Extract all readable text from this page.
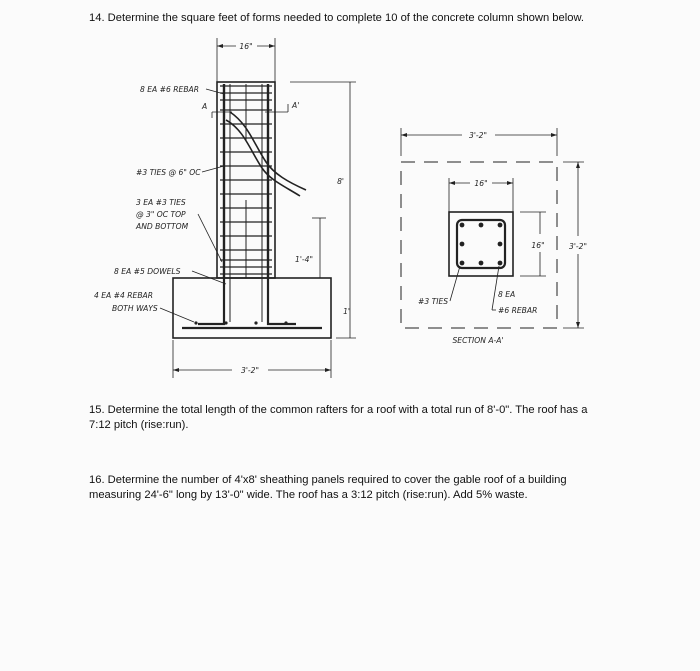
14. Determine the square feet of forms needed to complete 10 of the concrete column shown below.

16"
A	A'
8'
1'-4"
1'
3'-2"
8 EA #6 REBAR
#3 TIES @ 6" OC
3 EA #3 TIES
@ 3" OC TOP
AND BOTTOM
8 EA #5 DOWELS
4 EA #4 REBAR
BOTH WAYS
3'-2"
16"
16"	3'-2"
#3 TIES
8 EA
#6 REBAR
SECTION A-A'

15. Determine the total length of the common rafters for a roof with a total run of 8'-0". The roof has a 7:12 pitch (rise:run).

16. Determine the number of 4'x8' sheathing panels required to cover the gable roof of a building measuring 24'-6" long by 13'-0" wide. The roof has a 3:12 pitch (rise:run). Add 5% waste.
